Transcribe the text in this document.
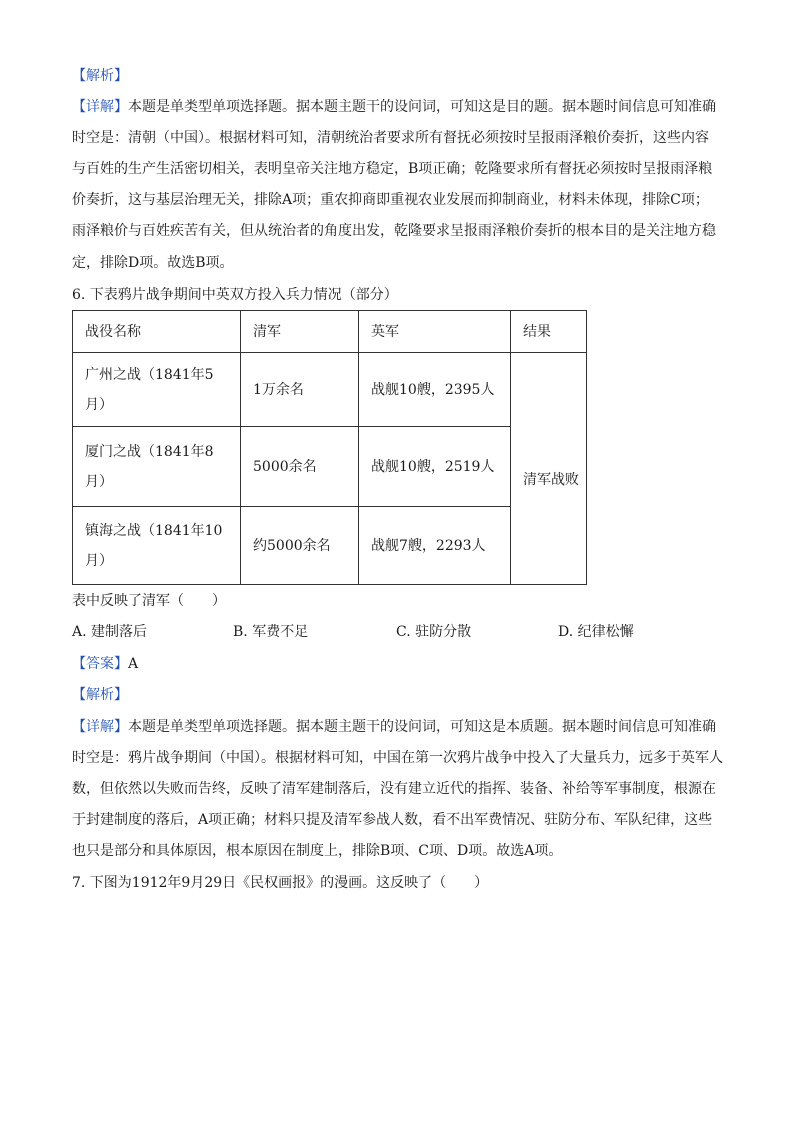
【解析】
【详解】本题是单类型单项选择题。据本题主题干的设问词，可知这是目的题。据本题时间信息可知准确
时空是：清朝（中国）。根据材料可知，清朝统治者要求所有督抚必须按时呈报雨泽粮价奏折，这些内容
与百姓的生产生活密切相关，表明皇帝关注地方稳定，B项正确；乾隆要求所有督抚必须按时呈报雨泽粮
价奏折，这与基层治理无关，排除A项；重农抑商即重视农业发展而抑制商业，材料未体现，排除C项；
雨泽粮价与百姓疾苦有关，但从统治者的角度出发，乾隆要求呈报雨泽粮价奏折的根本目的是关注地方稳
定，排除D项。故选B项。
6. 下表鸦片战争期间中英双方投入兵力情况（部分）
战役名称	清军	英军	结果

广州之战（1841年5
月）	1万余名	战舰10艘，2395人	清军战败

厦门之战（1841年8
月）	5000余名	战舰10艘，2519人	

镇海之战（1841年10
月）	约5000余名	战舰7艘，2293人	
表中反映了清军（　　）
A. 建制落后	B. 军费不足	C. 驻防分散	D. 纪律松懈
【答案】A
【解析】
【详解】本题是单类型单项选择题。据本题主题干的设问词，可知这是本质题。据本题时间信息可知准确
时空是：鸦片战争期间（中国）。根据材料可知，中国在第一次鸦片战争中投入了大量兵力，远多于英军人
数，但依然以失败而告终，反映了清军建制落后，没有建立近代的指挥、装备、补给等军事制度，根源在
于封建制度的落后，A项正确；材料只提及清军参战人数，看不出军费情况、驻防分布、军队纪律，这些
也只是部分和具体原因，根本原因在制度上，排除B项、C项、D项。故选A项。
7. 下图为1912年9月29日《民权画报》的漫画。这反映了（　　）
